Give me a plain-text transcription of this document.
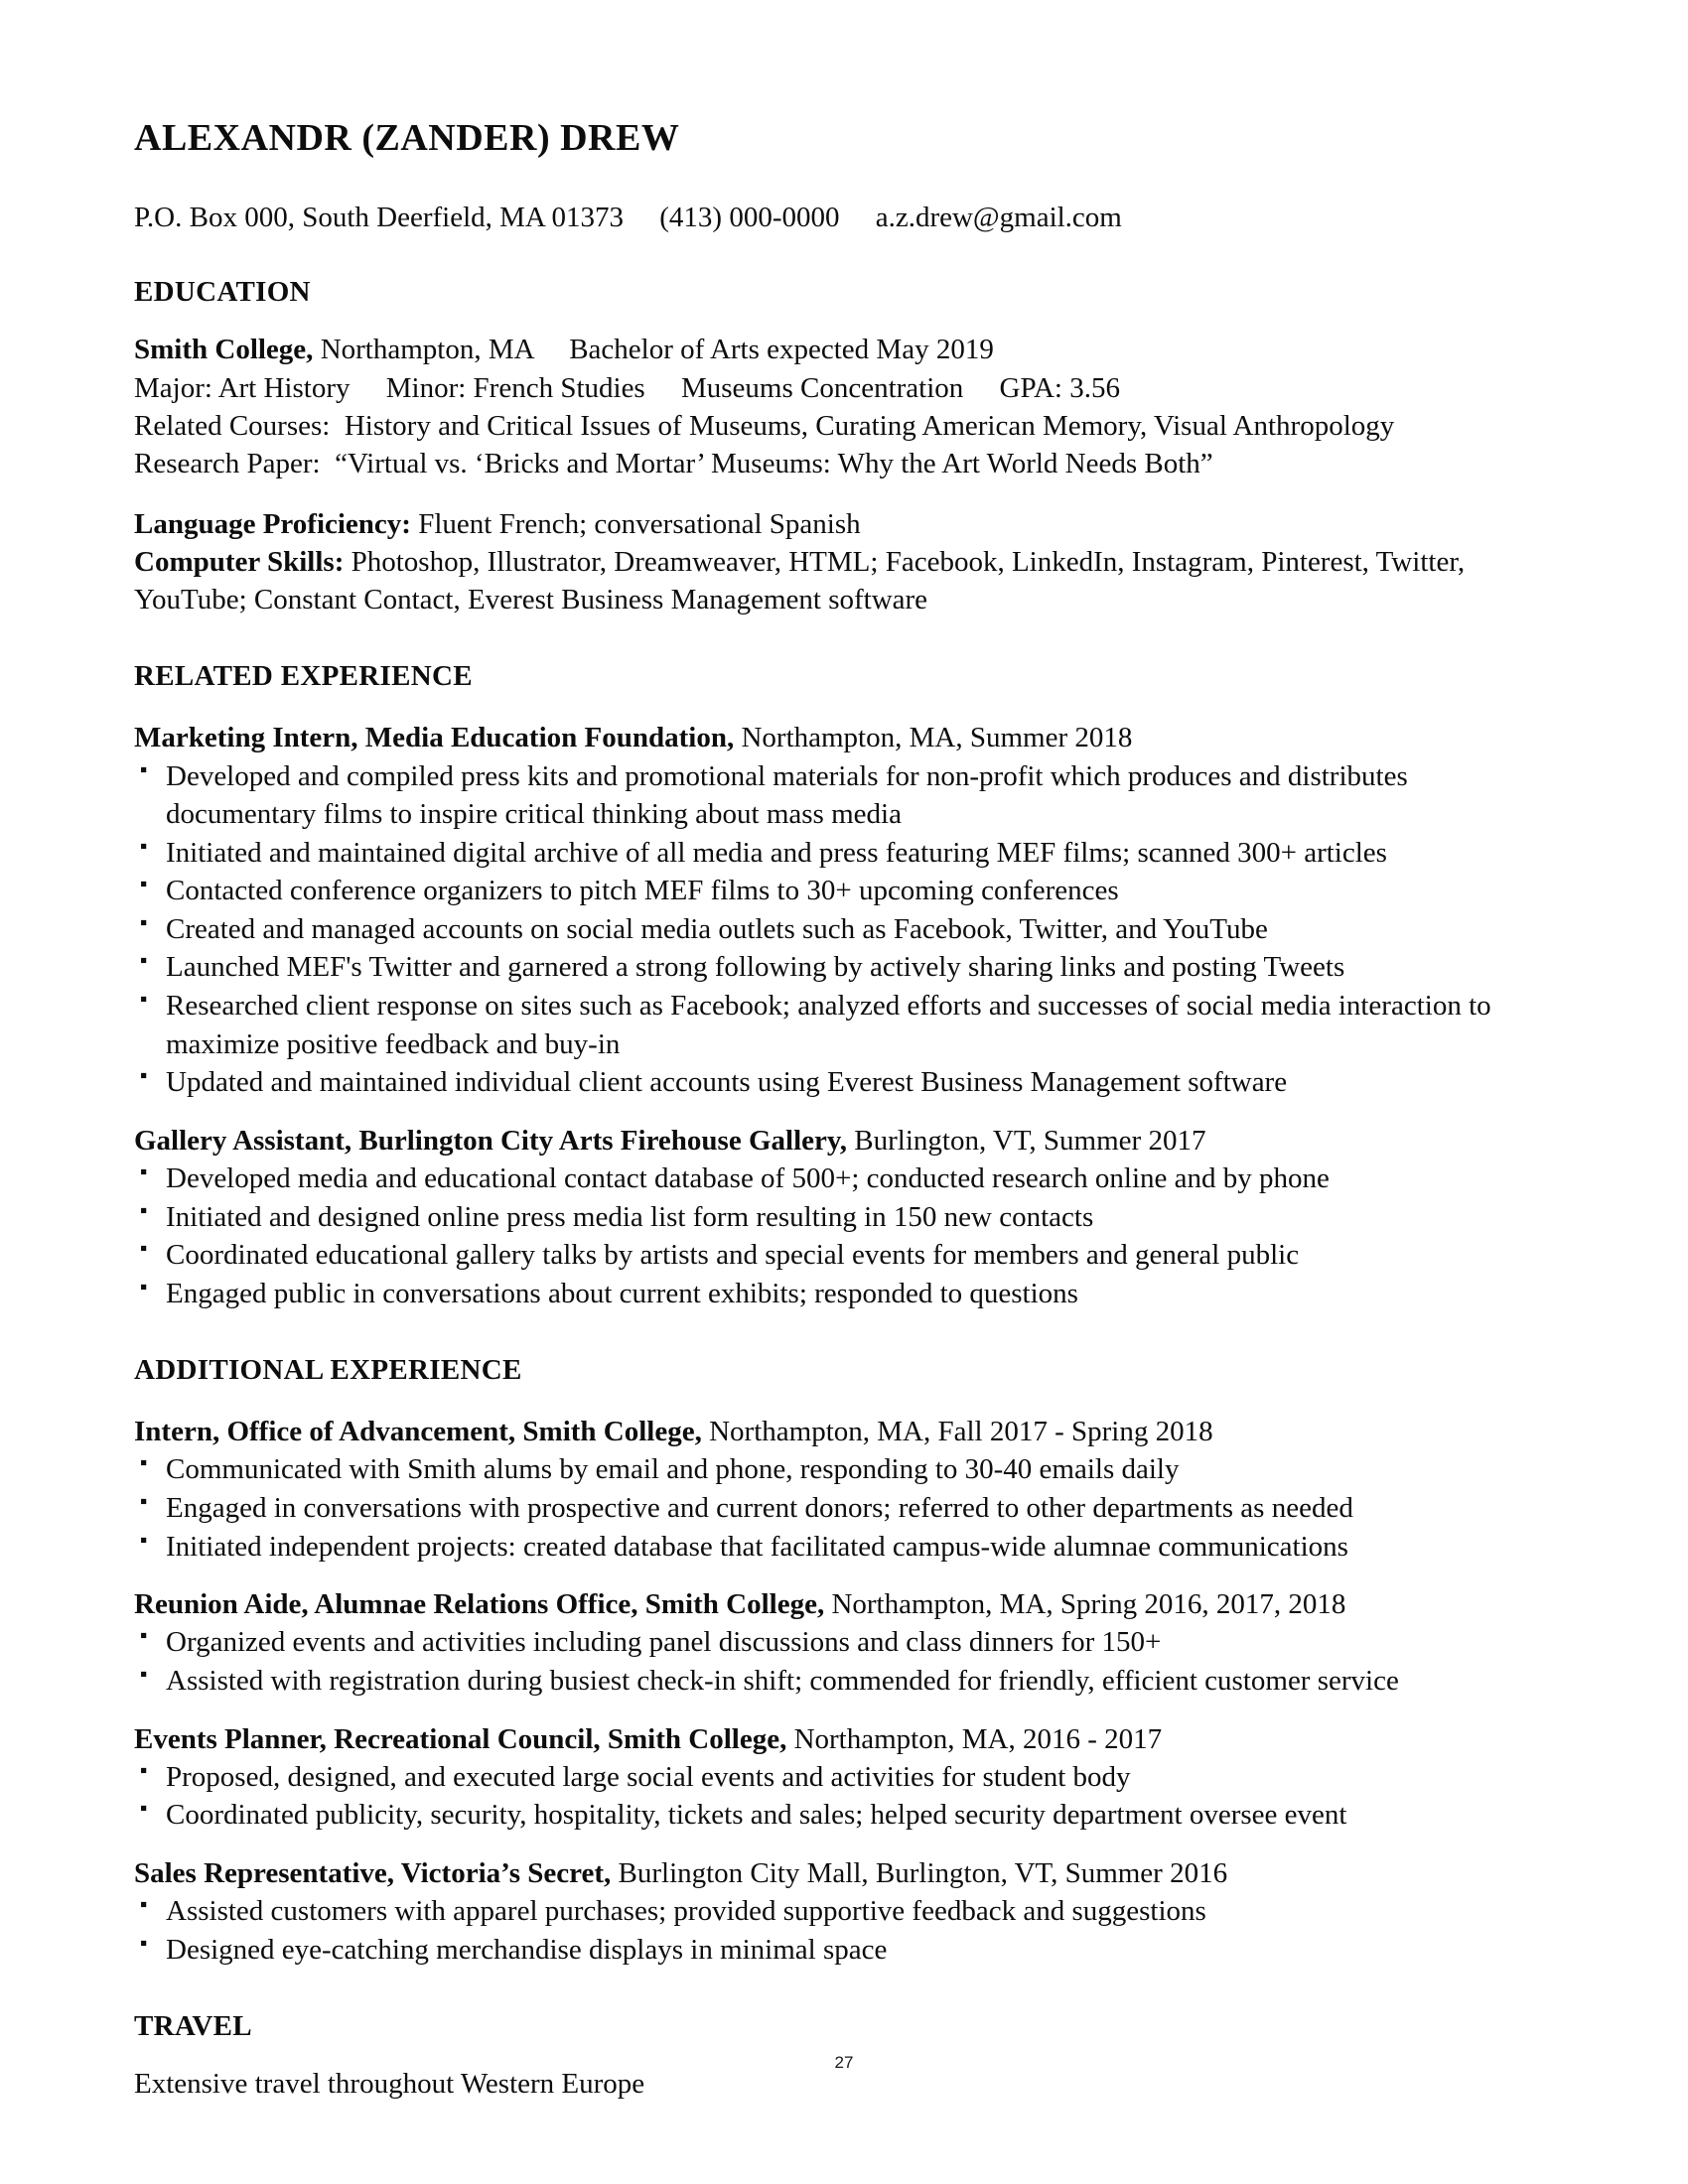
ALEXANDR (ZANDER) DREW
P.O. Box 000, South Deerfield, MA 01373     (413) 000-0000     a.z.drew@gmail.com
EDUCATION
Smith College, Northampton, MA     Bachelor of Arts expected May 2019
Major: Art History     Minor: French Studies     Museums Concentration     GPA: 3.56
Related Courses:  History and Critical Issues of Museums, Curating American Memory, Visual Anthropology
Research Paper:  “Virtual vs. ‘Bricks and Mortar’ Museums: Why the Art World Needs Both”
Language Proficiency: Fluent French; conversational Spanish
Computer Skills: Photoshop, Illustrator, Dreamweaver, HTML; Facebook, LinkedIn, Instagram, Pinterest, Twitter, YouTube; Constant Contact, Everest Business Management software
RELATED EXPERIENCE
Marketing Intern, Media Education Foundation, Northampton, MA, Summer 2018
▪ Developed and compiled press kits and promotional materials for non-profit which produces and distributes documentary films to inspire critical thinking about mass media
▪ Initiated and maintained digital archive of all media and press featuring MEF films; scanned 300+ articles
▪ Contacted conference organizers to pitch MEF films to 30+ upcoming conferences
▪ Created and managed accounts on social media outlets such as Facebook, Twitter, and YouTube
▪ Launched MEF's Twitter and garnered a strong following by actively sharing links and posting Tweets
▪ Researched client response on sites such as Facebook; analyzed efforts and successes of social media interaction to maximize positive feedback and buy-in
▪ Updated and maintained individual client accounts using Everest Business Management software
Gallery Assistant, Burlington City Arts Firehouse Gallery, Burlington, VT, Summer 2017
▪ Developed media and educational contact database of 500+; conducted research online and by phone
▪ Initiated and designed online press media list form resulting in 150 new contacts
▪ Coordinated educational gallery talks by artists and special events for members and general public
▪ Engaged public in conversations about current exhibits; responded to questions
ADDITIONAL EXPERIENCE
Intern, Office of Advancement, Smith College, Northampton, MA, Fall 2017 - Spring 2018
▪ Communicated with Smith alums by email and phone, responding to 30-40 emails daily
▪ Engaged in conversations with prospective and current donors; referred to other departments as needed
▪ Initiated independent projects: created database that facilitated campus-wide alumnae communications
Reunion Aide, Alumnae Relations Office, Smith College, Northampton, MA, Spring 2016, 2017, 2018
▪ Organized events and activities including panel discussions and class dinners for 150+
▪ Assisted with registration during busiest check-in shift; commended for friendly, efficient customer service
Events Planner, Recreational Council, Smith College, Northampton, MA, 2016 - 2017
▪ Proposed, designed, and executed large social events and activities for student body
▪ Coordinated publicity, security, hospitality, tickets and sales; helped security department oversee event
Sales Representative, Victoria’s Secret, Burlington City Mall, Burlington, VT, Summer 2016
▪ Assisted customers with apparel purchases; provided supportive feedback and suggestions
▪ Designed eye-catching merchandise displays in minimal space
TRAVEL
Extensive travel throughout Western Europe
27
